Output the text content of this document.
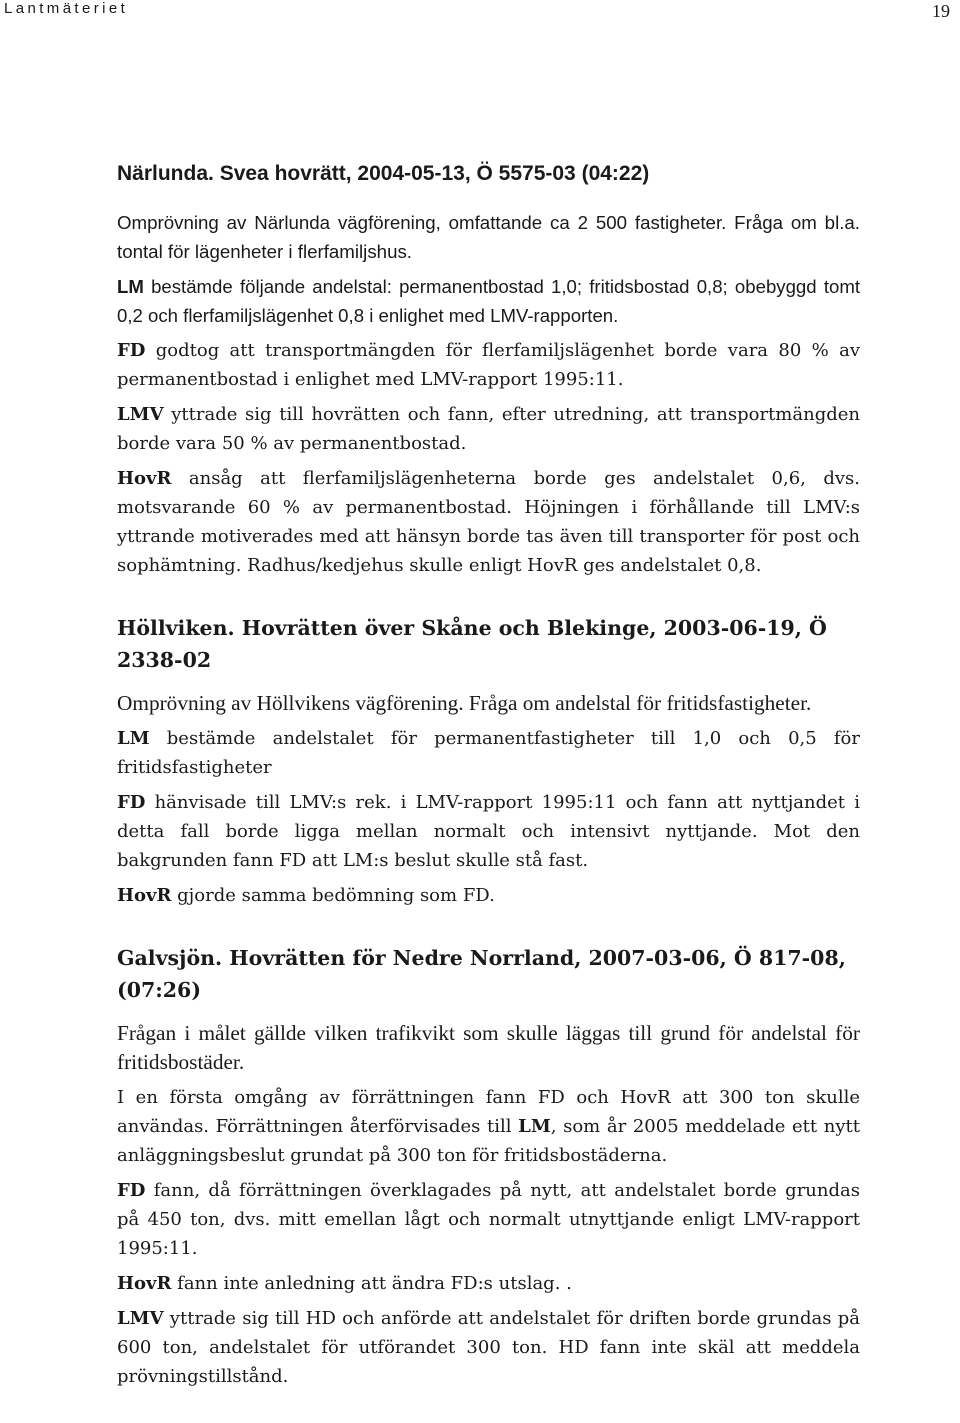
Lantmäteriet	19
Närlunda. Svea hovrätt, 2004-05-13, Ö 5575-03 (04:22)
Omprövning av Närlunda vägförening, omfattande ca 2 500 fastigheter. Fråga om bl.a. tontal för lägenheter i flerfamiljshus.

LM bestämde följande andelstal: permanentbostad 1,0; fritidsbostad 0,8; obebyggd tomt 0,2 och flerfamiljslägenhet 0,8 i enlighet med LMV-rapporten.

FD godtog att transportmängden för flerfamiljslägenhet borde vara 80 % av permanentbostad i enlighet med LMV-rapport 1995:11.

LMV yttrade sig till hovrätten och fann, efter utredning, att transportmängden borde vara 50 % av permanentbostad.

HovR ansåg att flerfamiljslägenheterna borde ges andelstalet 0,6, dvs. motsvarande 60 % av permanentbostad. Höjningen i förhållande till LMV:s yttrande motiverades med att hänsyn borde tas även till transporter för post och sophämtning. Radhus/kedjehus skulle enligt HovR ges andelstalet 0,8.

Höllviken. Hovrätten över Skåne och Blekinge, 2003-06-19, Ö 2338-02
Omprövning av Höllvikens vägförening. Fråga om andelstal för fritidsfastigheter.

LM bestämde andelstalet för permanentfastigheter till 1,0 och 0,5 för fritidsfastigheter

FD hänvisade till LMV:s rek. i LMV-rapport 1995:11 och fann att nyttjandet i detta fall borde ligga mellan normalt och intensivt nyttjande. Mot den bakgrunden fann FD att LM:s beslut skulle stå fast.

HovR gjorde samma bedömning som FD.

Galvsjön. Hovrätten för Nedre Norrland, 2007-03-06, Ö 817-08, (07:26)
Frågan i målet gällde vilken trafikvikt som skulle läggas till grund för andelstal för fritidsbostäder.

I en första omgång av förrättningen fann FD och HovR att 300 ton skulle användas. Förrättningen återförvisades till LM, som år 2005 meddelade ett nytt anläggningsbeslut grundat på 300 ton för fritidsbostäderna.

FD fann, då förrättningen överklagades på nytt, att andelstalet borde grundas på 450 ton, dvs. mitt emellan lågt och normalt utnyttjande enligt LMV-rapport 1995:11.

HovR fann inte anledning att ändra FD:s utslag. .

LMV yttrade sig till HD och anförde att andelstalet för driften borde grundas på 600 ton, andelstalet för utförandet 300 ton. HD fann inte skäl att meddela prövningstillstånd.
